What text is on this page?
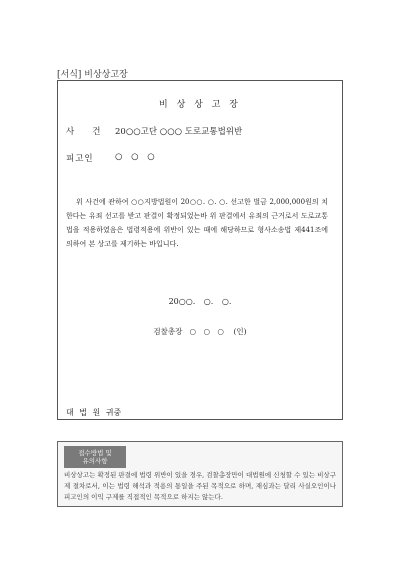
[서식] 비상상고장
비 상 상 고 장
사건
20○○고단 ○○○ 도로교통법위반
피고인	○ ○ ○
위 사건에 관하여 ○○지방법원이 20○○. ○. ○. 선고한 벌금 2,000,000원의 치한다는 유죄 선고를 받고 판결이 확정되었는바 위 판결에서 유죄의 근거로서 도로교통법을 적용하였음은 법령적용에 위반이 있는 때에 해당하므로 형사소송법 제441조에 의하여 본 상고를 제기하는 바입니다.
20○○. ○. ○.
검찰총장 ○ ○ ○ (인)
대 법 원 귀중
접수방법 및
유의사항
비상상고는 확정된 판결에 법령 위반이 있을 경우, 검찰총장만이 대법원에 신청할 수 있는 비상구제 절차로서, 이는 법령 해석과 적용의 통일을 주된 목적으로 하며, 재심과는 달리 사실오인이나 피고인의 이익 구제를 직접적인 목적으로 하지는 않는다.
